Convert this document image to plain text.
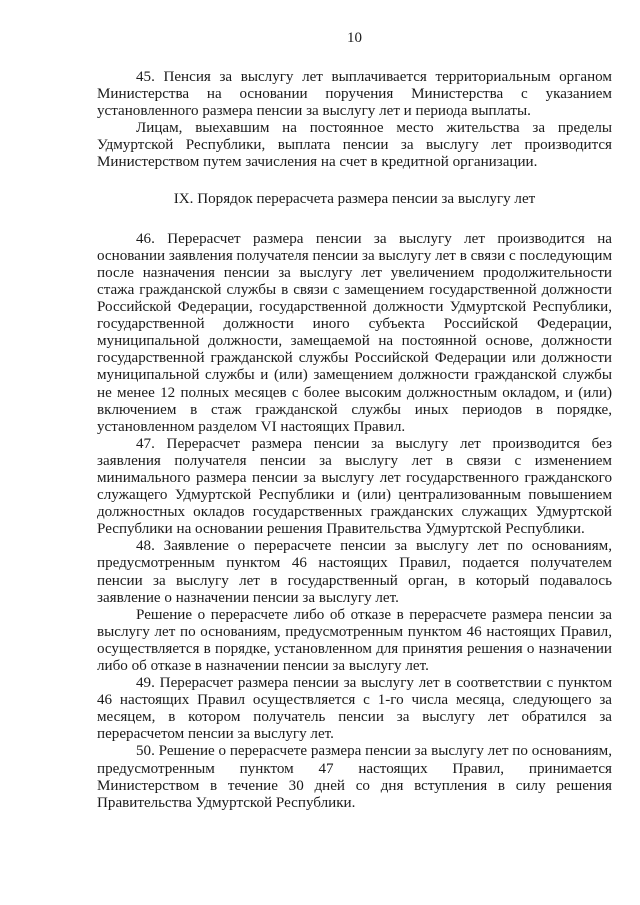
10

45. Пенсия за выслугу лет выплачивается территориальным органом Министерства на основании поручения Министерства с указанием установленного размера пенсии за выслугу лет и периода выплаты.

Лицам, выехавшим на постоянное место жительства за пределы Удмуртской Республики, выплата пенсии за выслугу лет производится Министерством путем зачисления на счет в кредитной организации.

IX. Порядок перерасчета размера пенсии за выслугу лет

46. Перерасчет размера пенсии за выслугу лет производится на основании заявления получателя пенсии за выслугу лет в связи с последующим после назначения пенсии за выслугу лет увеличением продолжительности стажа гражданской службы в связи с замещением государственной должности Российской Федерации, государственной должности Удмуртской Республики, государственной должности иного субъекта Российской Федерации, муниципальной должности, замещаемой на постоянной основе, должности государственной гражданской службы Российской Федерации или должности муниципальной службы и (или) замещением должности гражданской службы не менее 12 полных месяцев с более высоким должностным окладом, и (или) включением в стаж гражданской службы иных периодов в порядке, установленном разделом VI настоящих Правил.

47. Перерасчет размера пенсии за выслугу лет производится без заявления получателя пенсии за выслугу лет в связи с изменением минимального размера пенсии за выслугу лет государственного гражданского служащего Удмуртской Республики и (или) централизованным повышением должностных окладов государственных гражданских служащих Удмуртской Республики на основании решения Правительства Удмуртской Республики.

48. Заявление о перерасчете пенсии за выслугу лет по основаниям, предусмотренным пунктом 46 настоящих Правил, подается получателем пенсии за выслугу лет в государственный орган, в который подавалось заявление о назначении пенсии за выслугу лет.

Решение о перерасчете либо об отказе в перерасчете размера пенсии за выслугу лет по основаниям, предусмотренным пунктом 46 настоящих Правил, осуществляется в порядке, установленном для принятия решения о назначении либо об отказе в назначении пенсии за выслугу лет.

49. Перерасчет размера пенсии за выслугу лет в соответствии с пунктом 46 настоящих Правил осуществляется с 1-го числа месяца, следующего за месяцем, в котором получатель пенсии за выслугу лет обратился за перерасчетом пенсии за выслугу лет.

50. Решение о перерасчете размера пенсии за выслугу лет по основаниям, предусмотренным пунктом 47 настоящих Правил, принимается Министерством в течение 30 дней со дня вступления в силу решения Правительства Удмуртской Республики.
